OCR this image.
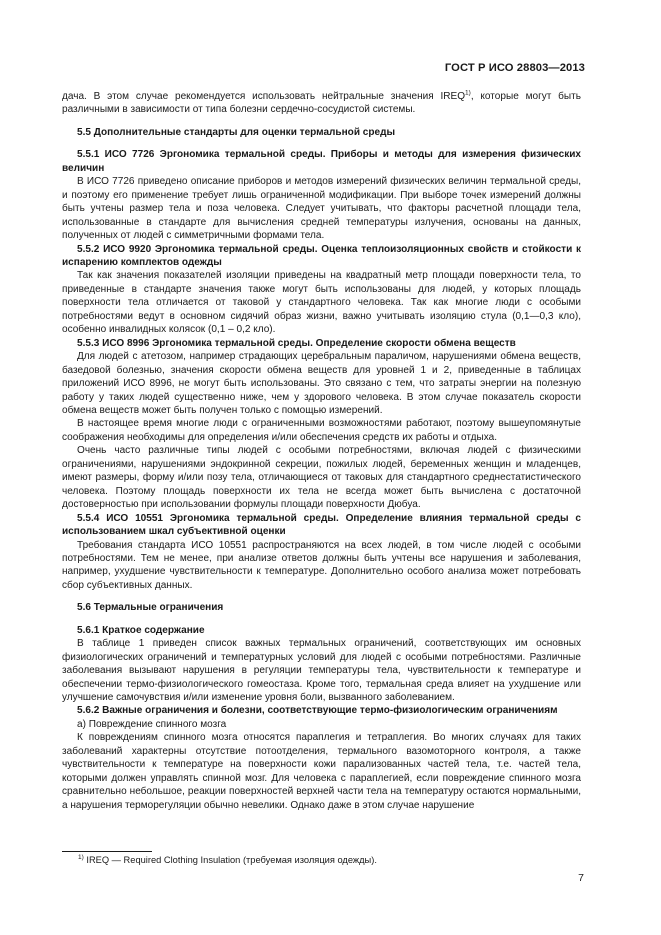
ГОСТ Р ИСО 28803—2013

дача. В этом случае рекомендуется использовать нейтральные значения IREQ$^{1)}$, которые могут быть различными в зависимости от типа болезни сердечно-сосудистой системы.

5.5 Дополнительные стандарты для оценки термальной среды

5.5.1 ИСО 7726 Эргономика термальной среды. Приборы и методы для измерения физических величин

В ИСО 7726 приведено описание приборов и методов измерений физических величин термальной среды, и поэтому его применение требует лишь ограниченной модификации. При выборе точек измерений должны быть учтены размер тела и поза человека. Следует учитывать, что факторы расчетной площади тела, использованные в стандарте для вычисления средней температуры излучения, основаны на данных, полученных от людей с симметричными формами тела.

5.5.2 ИСО 9920 Эргономика термальной среды. Оценка теплоизоляционных свойств и стойкости к испарению комплектов одежды

Так как значения показателей изоляции приведены на квадратный метр площади поверхности тела, то приведенные в стандарте значения также могут быть использованы для людей, у которых площадь поверхности тела отличается от таковой у стандартного человека. Так как многие люди с особыми потребностями ведут в основном сидячий образ жизни, важно учитывать изоляцию стула (0,1—0,3 кло), особенно инвалидных колясок (0,1 – 0,2 кло).

5.5.3 ИСО 8996 Эргономика термальной среды. Определение скорости обмена веществ

Для людей с атетозом, например страдающих церебральным параличом, нарушениями обмена веществ, базедовой болезнью, значения скорости обмена веществ для уровней 1 и 2, приведенные в таблицах приложений ИСО 8996, не могут быть использованы. Это связано с тем, что затраты энергии на полезную работу у таких людей существенно ниже, чем у здорового человека. В этом случае показатель скорости обмена веществ может быть получен только с помощью измерений.

В настоящее время многие люди с ограниченными возможностями работают, поэтому вышеупомянутые соображения необходимы для определения и/или обеспечения средств их работы и отдыха.

Очень часто различные типы людей с особыми потребностями, включая людей с физическими ограничениями, нарушениями эндокринной секреции, пожилых людей, беременных женщин и младенцев, имеют размеры, форму и/или позу тела, отличающиеся от таковых для стандартного среднестатистического человека. Поэтому площадь поверхности их тела не всегда может быть вычислена с достаточной достоверностью при использовании формулы площади поверхности Дюбуа.

5.5.4 ИСО 10551 Эргономика термальной среды. Определение влияния термальной среды с использованием шкал субъективной оценки

Требования стандарта ИСО 10551 распространяются на всех людей, в том числе людей с особыми потребностями. Тем не менее, при анализе ответов должны быть учтены все нарушения и заболевания, например, ухудшение чувствительности к температуре. Дополнительно особого анализа может потребовать сбор субъективных данных.

5.6 Термальные ограничения

5.6.1 Краткое содержание

В таблице 1 приведен список важных термальных ограничений, соответствующих им основных физиологических ограничений и температурных условий для людей с особыми потребностями. Различные заболевания вызывают нарушения в регуляции температуры тела, чувствительности к температуре и обеспечении термо-физиологического гомеостаза. Кроме того, термальная среда влияет на ухудшение или улучшение самочувствия и/или изменение уровня боли, вызванного заболеванием.

5.6.2 Важные ограничения и болезни, соответствующие термо-физиологическим ограничениям

а) Повреждение спинного мозга

К повреждениям спинного мозга относятся параплегия и тетраплегия. Во многих случаях для таких заболеваний характерны отсутствие потоотделения, термального вазомоторного контроля, а также чувствительности к температуре на поверхности кожи парализованных частей тела, т.е. частей тела, которыми должен управлять спинной мозг. Для человека с параплегией, если повреждение спинного мозга сравнительно небольшое, реакции поверхностей верхней части тела на температуру остаются нормальными, а нарушения терморегуляции обычно невелики. Однако даже в этом случае нарушение

$^{1)}$ IREQ — Required Clothing Insulation (требуемая изоляция одежды).
7
